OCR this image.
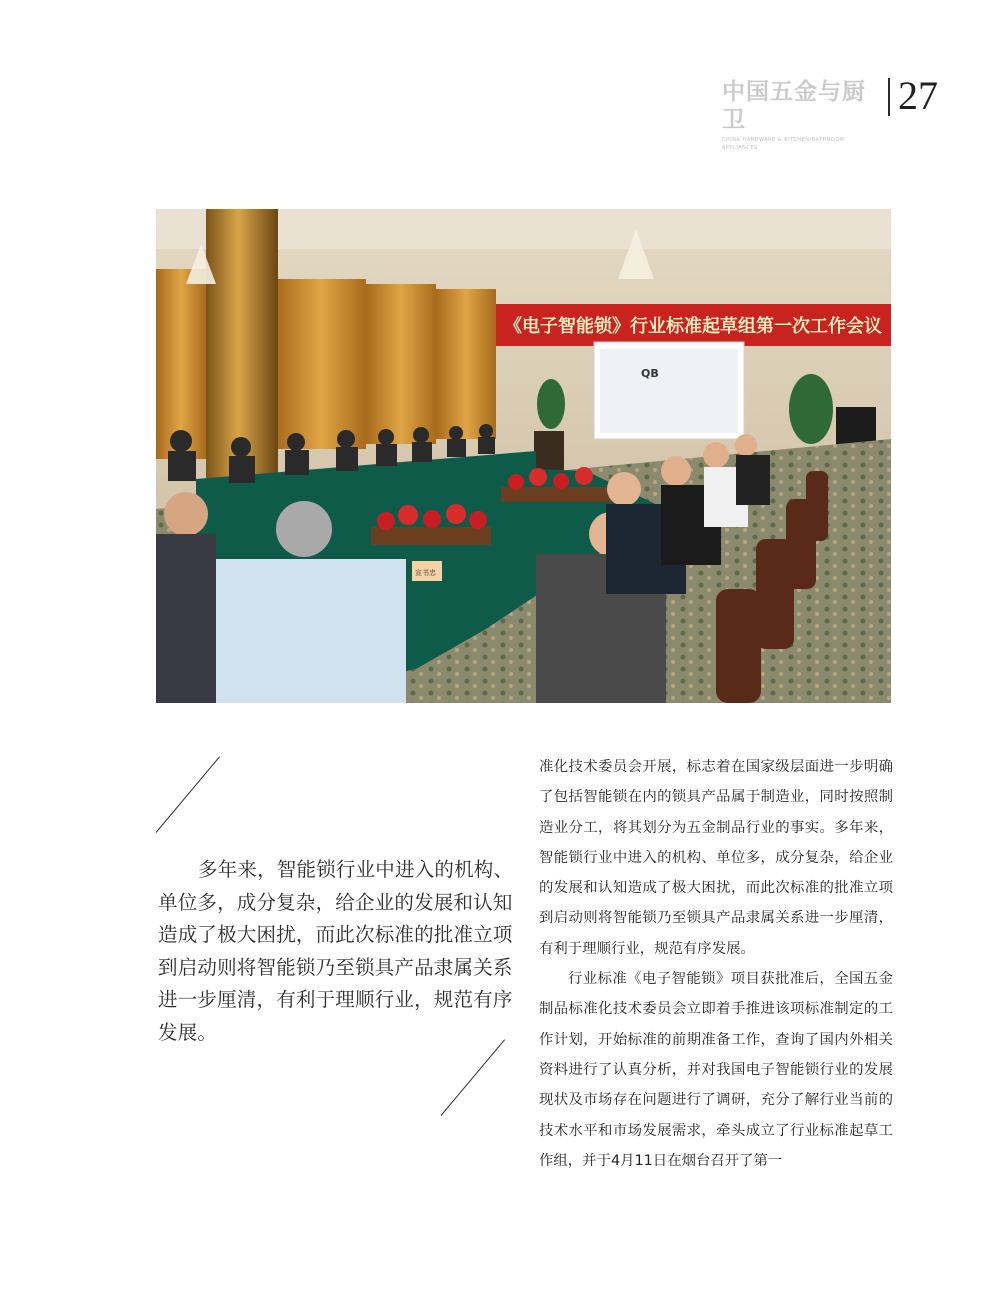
中国五金与厨卫
CHINA HARDWARE & KITCHEN/BATHROOM APPLIANCES
27
《电子智能锁》行业标准起草组第一次工作会议
QB
宣书忠

多年来，智能锁行业中进入的机构、单位多，成分复杂，给企业的发展和认知造成了极大困扰，而此次标准的批准立项到启动则将智能锁乃至锁具产品隶属关系进一步厘清，有利于理顺行业，规范有序发展。

准化技术委员会开展，标志着在国家级层面进一步明确了包括智能锁在内的锁具产品属于制造业，同时按照制造业分工，将其划分为五金制品行业的事实。多年来，智能锁行业中进入的机构、单位多，成分复杂，给企业的发展和认知造成了极大困扰，而此次标准的批准立项到启动则将智能锁乃至锁具产品隶属关系进一步厘清，有利于理顺行业，规范有序发展。

行业标准《电子智能锁》项目获批准后，全国五金制品标准化技术委员会立即着手推进该项标准制定的工作计划，开始标准的前期准备工作，查询了国内外相关资料进行了认真分析，并对我国电子智能锁行业的发展现状及市场存在问题进行了调研，充分了解行业当前的技术水平和市场发展需求，牵头成立了行业标准起草工作组，并于4月11日在烟台召开了第一
